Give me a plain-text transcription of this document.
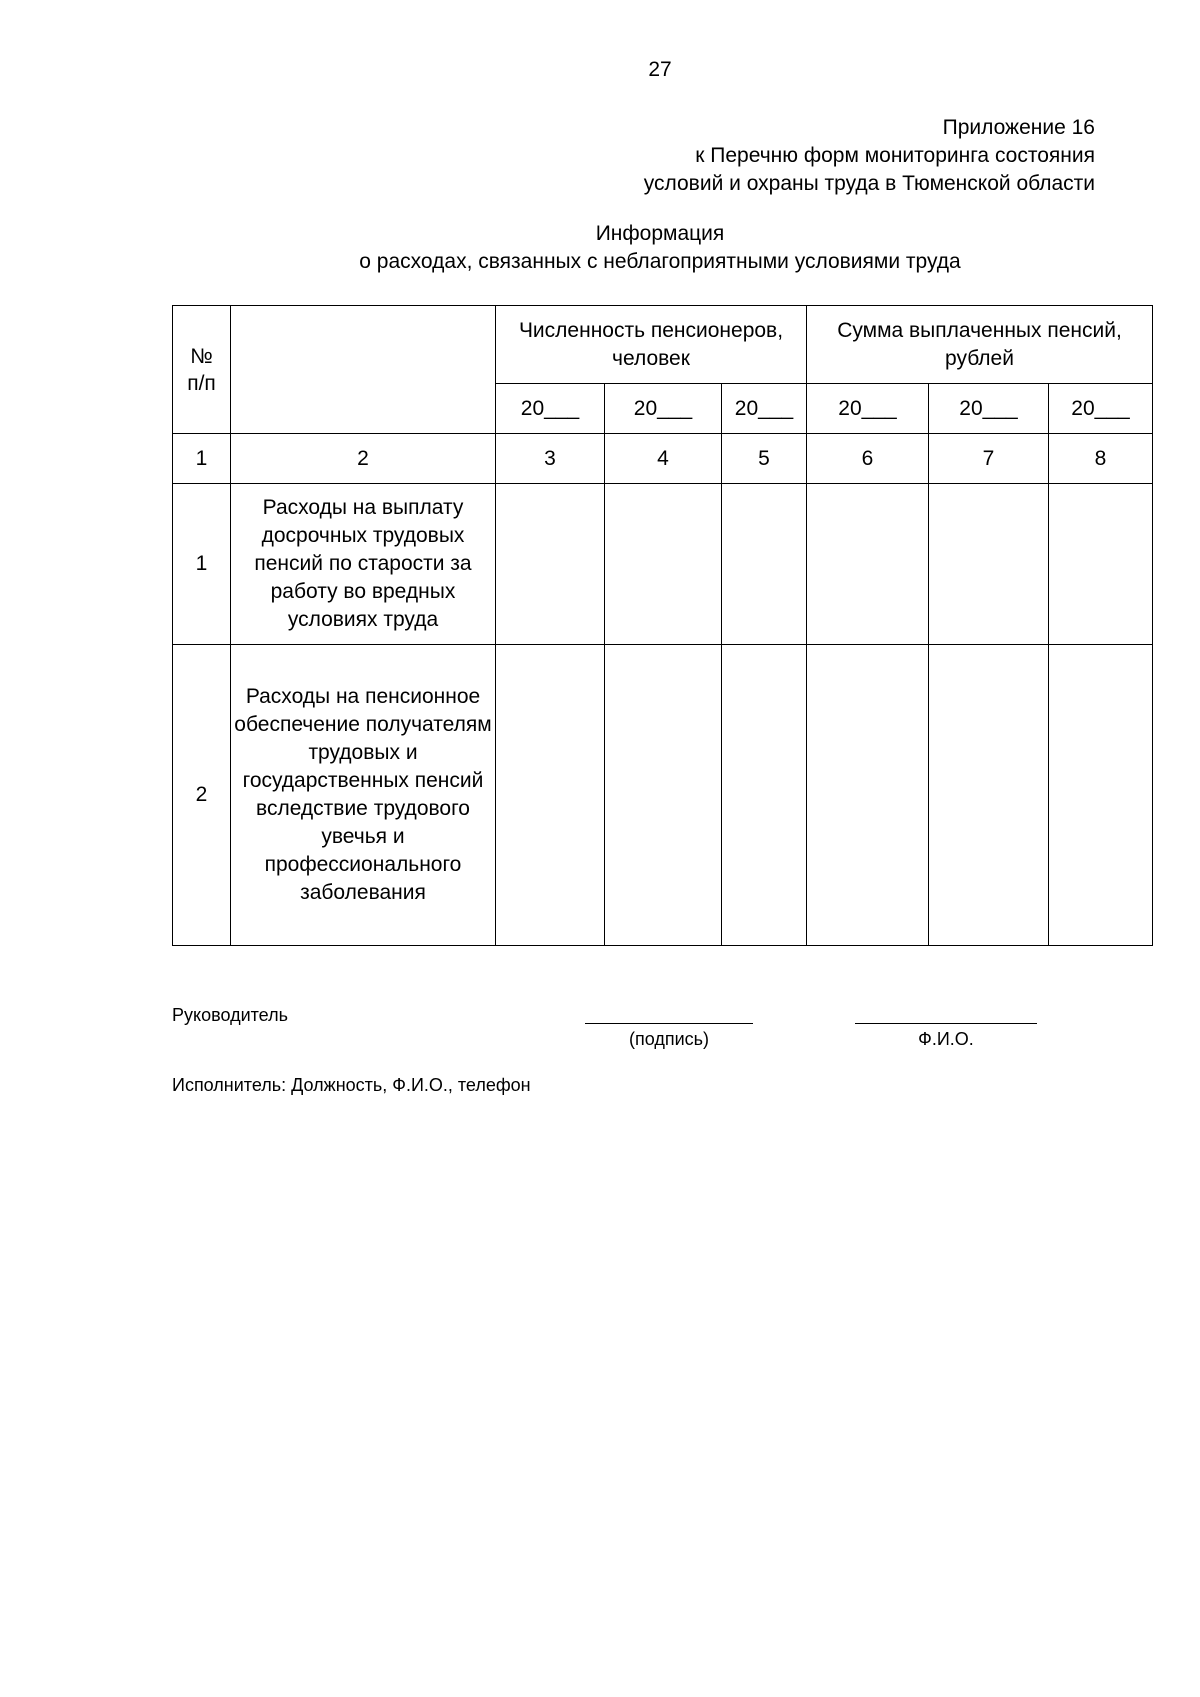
27
Приложение 16
к Перечню форм мониторинга состояния
условий и охраны труда в Тюменской области
Информация
о расходах, связанных с неблагоприятными условиями труда
№
п/п		Численность пенсионеров, человек			Сумма выплаченных пенсий, рублей		
		20___	20___	20___	20___	20___	20___
1	2	3	4	5	6	7	8
1	Расходы на выплату досрочных трудовых пенсий по старости за работу во вредных условиях труда						
2	Расходы на пенсионное обеспечение получателям трудовых и государственных пенсий вследствие трудового увечья и профессионального заболевания						
Руководитель
(подпись)	Ф.И.О.
Исполнитель: Должность, Ф.И.О., телефон
